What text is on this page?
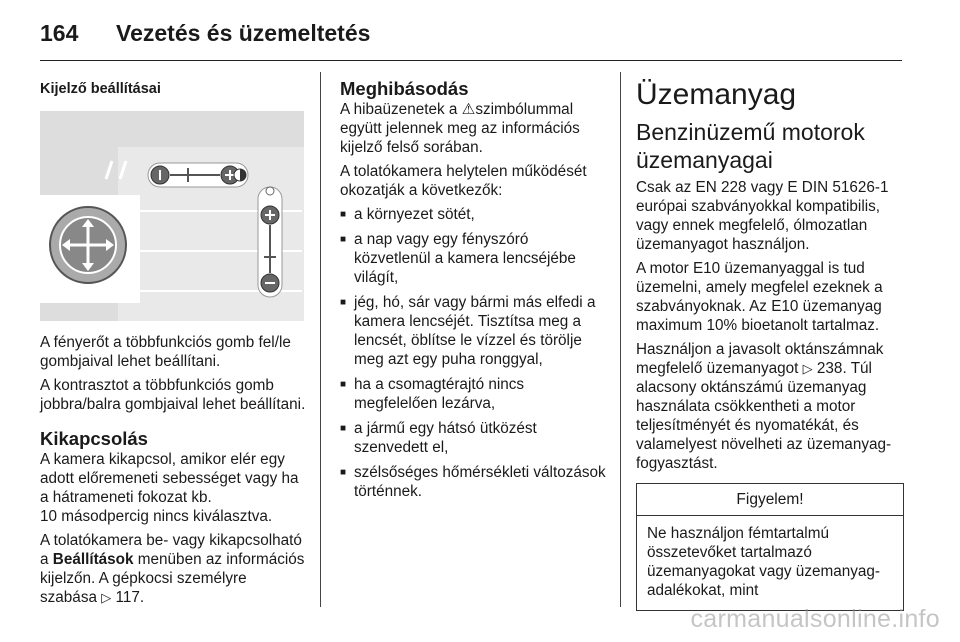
164 Vezetés és üzemeltetés
Kijelző beállításai

A fényerőt a többfunkciós gomb fel/le gombjaival lehet beállítani.

A kontrasztot a többfunkciós gomb jobbra/balra gombjaival lehet beállítani.

Kikapcsolás

A kamera kikapcsol, amikor elér egy adott előremeneti sebességet vagy ha a hátrameneti fokozat kb.

10 másodpercig nincs kiválasztva.

A tolatókamera be- vagy kikapcsolható a Beállítások menüben az információs kijelzőn. A gépkocsi személyre szabása ▷ 117.

Meghibásodás

A hibaüzenetek a ⚠szimbólummal együtt jelennek meg az információs kijelző felső sorában.

A tolatókamera helytelen működését okozatják a következők:

■ a környezet sötét,
■ a nap vagy egy fényszóró közvetlenül a kamera lencséjébe világít,
■ jég, hó, sár vagy bármi más elfedi a kamera lencséjét. Tisztítsa meg a lencsét, öblítse le vízzel és törölje meg azt egy puha ronggyal,
■ ha a csomagtérajtó nincs megfelelően lezárva,
■ a jármű egy hátsó ütközést szenvedett el,
■ szélsőséges hőmérsékleti változások történnek.
Üzemanyag
Benzinüzemű motorok üzemanyagai

Csak az EN 228 vagy E DIN 51626-1 európai szabványokkal kompatibilis, vagy ennek megfelelő, ólmozatlan üzemanyagot használjon.

A motor E10 üzemanyaggal is tud üzemelni, amely megfelel ezeknek a szabványoknak. Az E10 üzemanyag maximum 10% bioetanolt tartalmaz.

Használjon a javasolt oktánszámnak megfelelő üzemanyagot ▷ 238. Túl alacsony oktánszámú üzemanyag használata csökkentheti a motor teljesítményét és nyomatékát, és valamelyest növelheti az üzemanyag-fogyasztást.

Figyelem!
Ne használjon fémtartalmú összetevőket tartalmazó üzemanyagokat vagy üzemanyag-adalékokat, mint
carmanualsonline.info
